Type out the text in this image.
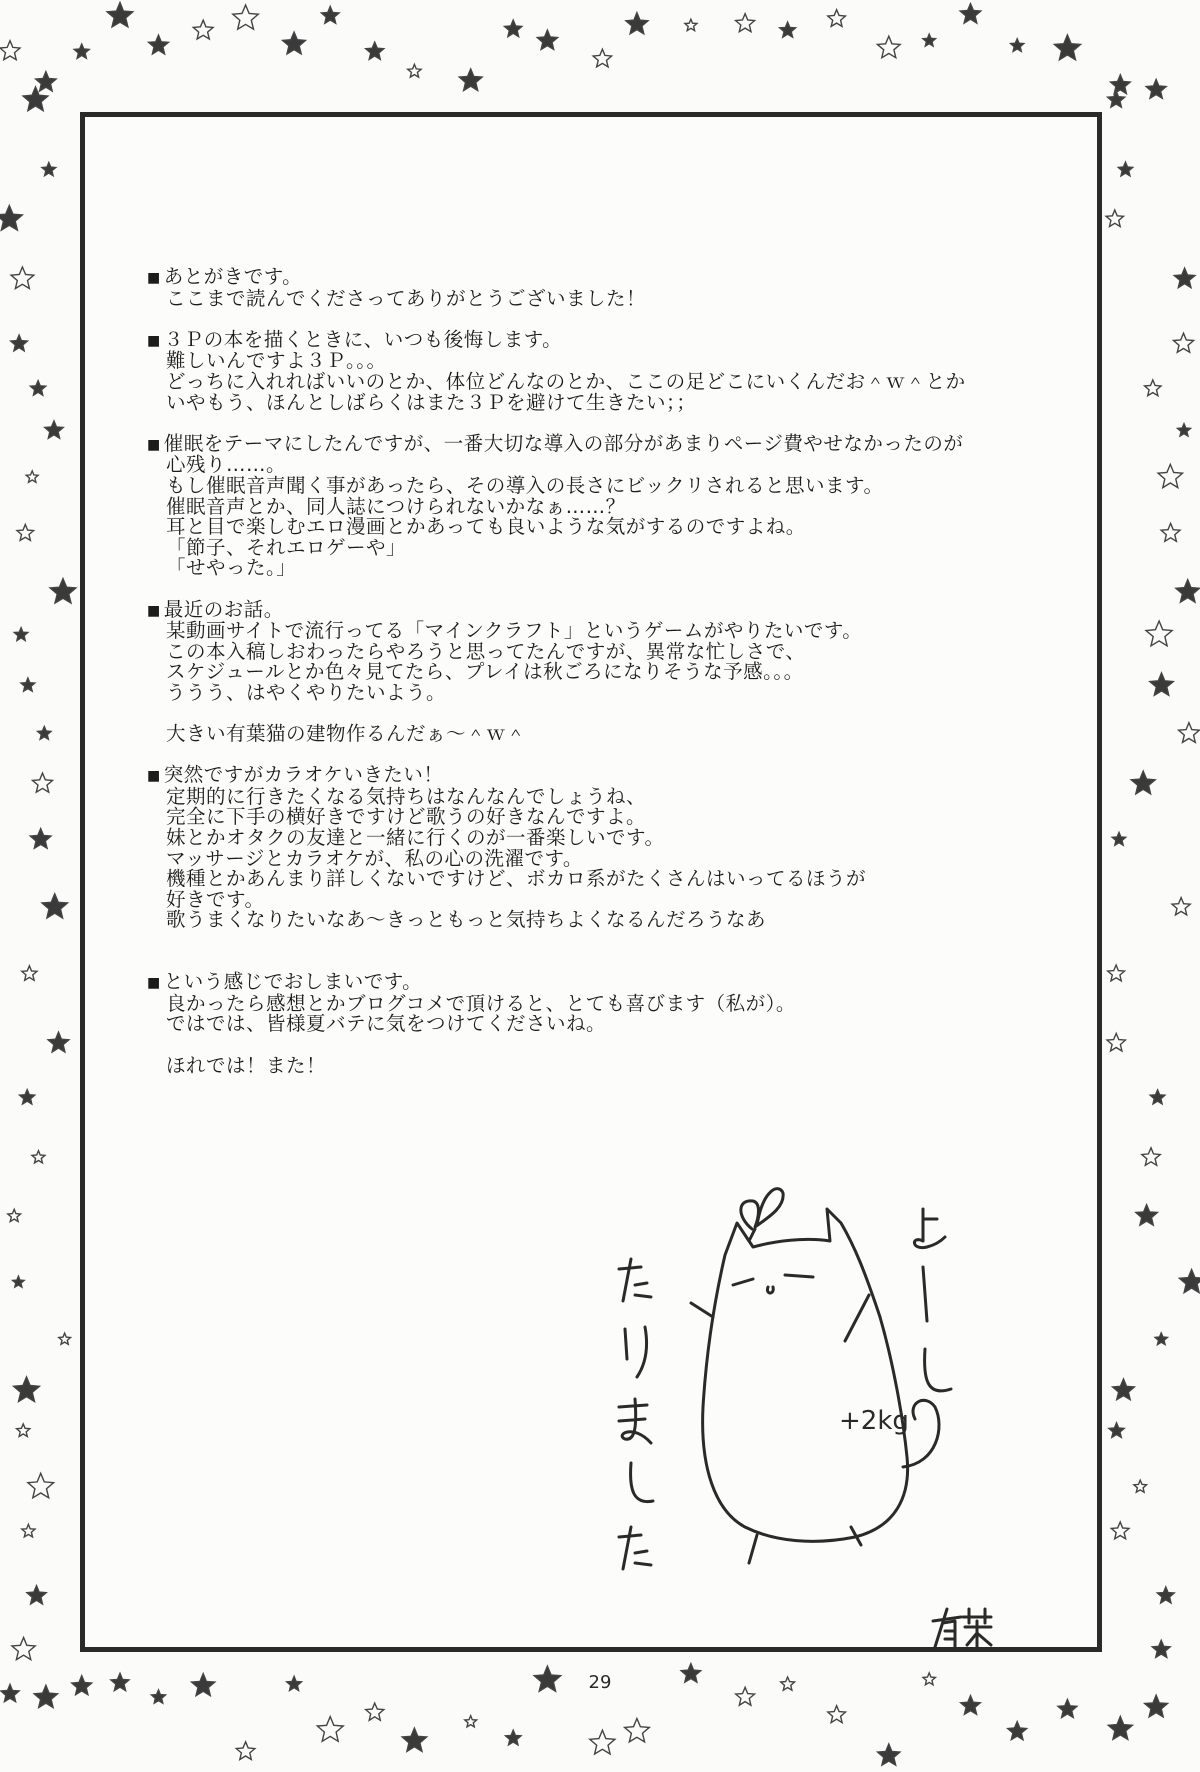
■ あとがきです。
ここまで読んでくださってありがとうございました！
■ ３Ｐの本を描くときに、いつも後悔します。
難しいんですよ３Ｐ。。。
どっちに入れればいいのとか、体位どんなのとか、ここの足どこにいくんだお＾ｗ＾とか
いやもう、ほんとしばらくはまた３Ｐを避けて生きたい；；
■ 催眠をテーマにしたんですが、一番大切な導入の部分があまりページ費やせなかったのが
心残り……。
もし催眠音声聞く事があったら、その導入の長さにビックリされると思います。
催眠音声とか、同人誌につけられないかなぁ……？
耳と目で楽しむエロ漫画とかあっても良いような気がするのですよね。
「節子、それエロゲーや」
「せやった。」
■ 最近のお話。
某動画サイトで流行ってる「マインクラフト」というゲームがやりたいです。
この本入稿しおわったらやろうと思ってたんですが、異常な忙しさで、
スケジュールとか色々見てたら、プレイは秋ごろになりそうな予感。。。
ううう、はやくやりたいよう。
大きい有葉猫の建物作るんだぁ～＾ｗ＾
■ 突然ですがカラオケいきたい！
定期的に行きたくなる気持ちはなんなんでしょうね、
完全に下手の横好きですけど歌うの好きなんですよ。
妹とかオタクの友達と一緒に行くのが一番楽しいです。
マッサージとカラオケが、私の心の洗濯です。
機種とかあんまり詳しくないですけど、ボカロ系がたくさんはいってるほうが
好きです。
歌うまくなりたいなあ～きっともっと気持ちよくなるんだろうなあ
■ という感じでおしまいです。
良かったら感想とかブログコメで頂けると、とても喜びます（私が）。
ではでは、皆様夏バテに気をつけてくださいね。
ほれでは！また！
+2kg
29
